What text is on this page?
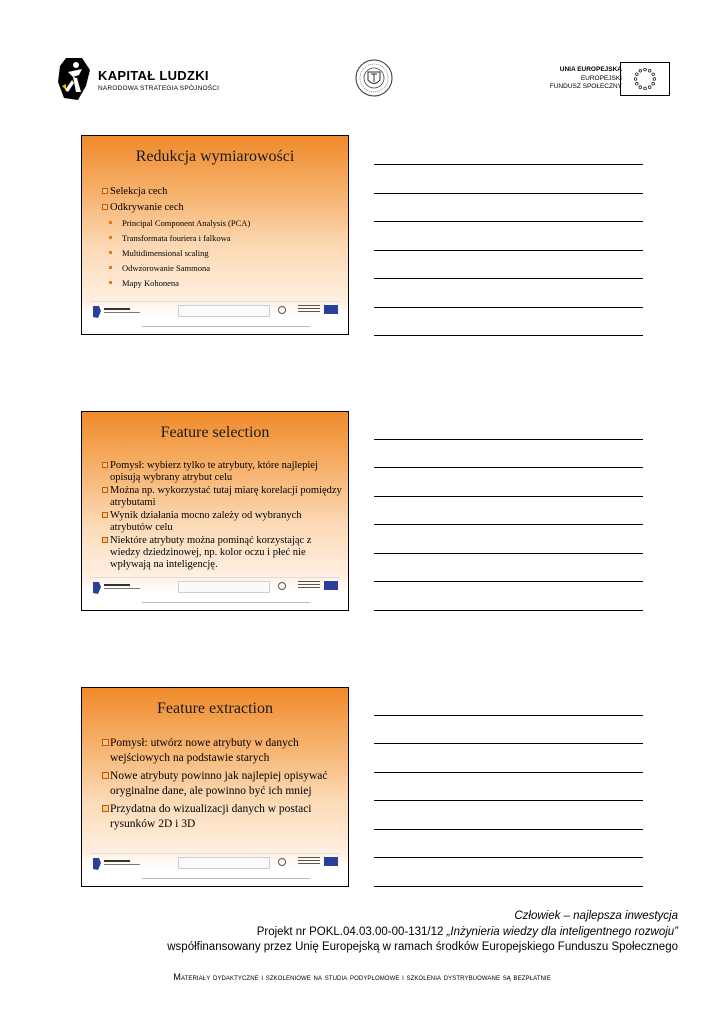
KAPITAŁ LUDZKI
NARODOWA STRATEGIA SPÓJNOŚCI
UNIA EUROPEJSKA
EUROPEJSKI
FUNDUSZ SPOŁECZNY
Redukcja wymiarowości
Selekcja cech
Odkrywanie cech
Principal Component Analysis (PCA)
Transformata fouriera i falkowa
Multidimensional scaling
Odwzorowanie Sammona
Mapy Kohonena
Feature selection
Pomysł: wybierz tylko te atrybuty, które najlepiej opisują wybrany atrybut celu
Można np. wykorzystać tutaj miarę korelacji pomiędzy atrybutami
Wynik działania mocno zależy od wybranych atrybutów celu
Niektóre atrybuty można pominąć korzystając z wiedzy dziedzinowej, np. kolor oczu i płeć nie wpływają na inteligencję.
Feature extraction
Pomysł: utwórz nowe atrybuty w danych wejściowych na podstawie starych
Nowe atrybuty powinno jak najlepiej opisywać oryginalne dane, ale powinno być ich mniej
Przydatna do wizualizacji danych w postaci rysunków 2D i 3D
Człowiek – najlepsza inwestycja
Projekt nr POKL.04.03.00-00-131/12 „Inżynieria wiedzy dla inteligentnego rozwoju”
współfinansowany przez Unię Europejską w ramach środków Europejskiego Funduszu Społecznego
Materiały dydaktyczne i szkoleniowe na studia podyplomowe i szkolenia dystrybuowane są bezpłatnie
